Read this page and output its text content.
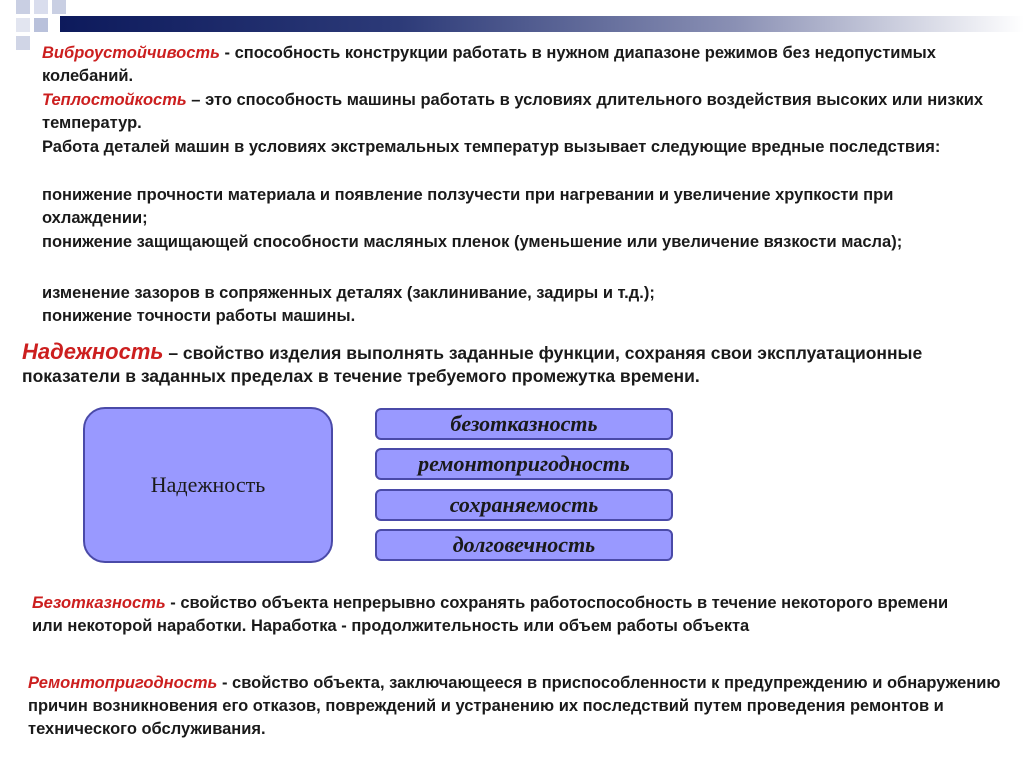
Виброустойчивость - способность конструкции работать в нужном диапазоне режимов без недопустимых колебаний.

Теплостойкость – это способность машины работать в условиях длительного воздействия высоких или низких температур.

Работа деталей машин в условиях экстремальных температур вызывает следующие вредные последствия:

понижение прочности материала и появление ползучести при нагревании и увеличение хрупкости при охлаждении;

понижение защищающей способности масляных пленок (уменьшение или увеличение вязкости масла);

изменение зазоров в сопряженных деталях (заклинивание, задиры и т.д.);

понижение точности работы машины.

Надежность – свойство изделия выполнять заданные функции, сохраняя свои эксплуатационные показатели в заданных пределах в течение требуемого промежутка времени.

Надежность
безотказность
ремонтопригодность
сохраняемость
долговечность

Безотказность - свойство объекта непрерывно сохранять работоспособность в течение некоторого времени или некоторой наработки. Наработка - продолжительность или объем работы объекта

Ремонтопригодность - свойство объекта, заключающееся в приспособленности к предупреждению и обнаружению причин возникновения его отказов, повреждений и устранению их последствий путем проведения ремонтов и технического обслуживания.
